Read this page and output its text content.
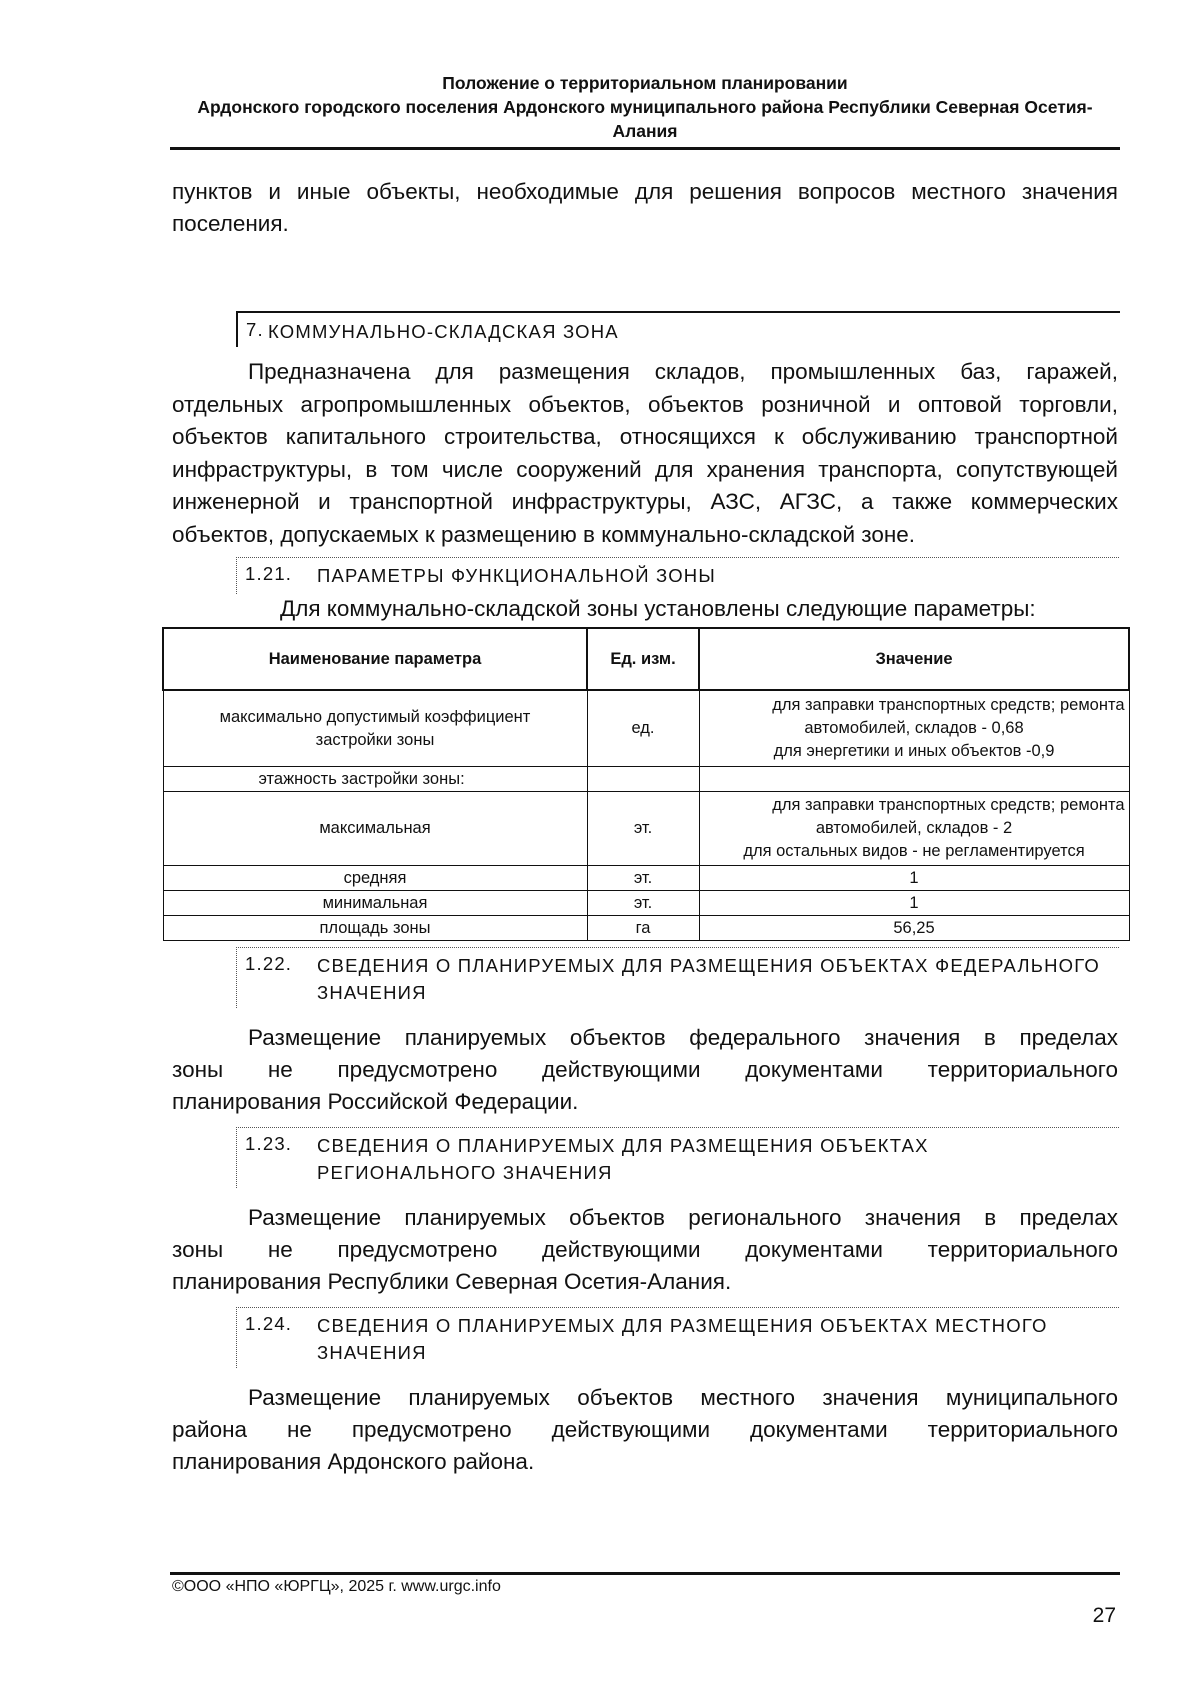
Положение о территориальном планировании
Ардонского городского поселения Ардонского муниципального района Республики Северная Осетия-
Алания
пунктов и иные объекты, необходимые для решения вопросов местного значения
поселения.
7. КОММУНАЛЬНО-СКЛАДСКАЯ ЗОНА
Предназначена для размещения складов, промышленных баз, гаражей, отдельных агропромышленных объектов, объектов розничной и оптовой торговли, объектов капитального строительства, относящихся к обслуживанию транспортной инфраструктуры, в том числе сооружений для хранения транспорта, сопутствующей инженерной и транспортной инфраструктуры, АЗС, АГЗС, а также коммерческих объектов, допускаемых к размещению в коммунально-складской зоне.
1.21. ПАРАМЕТРЫ ФУНКЦИОНАЛЬНОЙ ЗОНЫ
Для коммунально-складской зоны установлены следующие параметры:
Наименование параметра	Ед. изм.	Значение
максимально допустимый коэффициент застройки зоны	ед.	для заправки транспортных средств; ремонта
автомобилей, складов - 0,68
для энергетики и иных объектов -0,9

этажность застройки зоны:		
максимальная	эт.	для заправки транспортных средств; ремонта
автомобилей, складов - 2
для остальных видов - не регламентируется

средняя	эт.	1
минимальная	эт.	1
площадь зоны	га	56,25
1.22. СВЕДЕНИЯ О ПЛАНИРУЕМЫХ ДЛЯ РАЗМЕЩЕНИЯ ОБЪЕКТАХ ФЕДЕРАЛЬНОГО ЗНАЧЕНИЯ
Размещение планируемых объектов федерального значения в пределах
зоны не предусмотрено действующими документами территориального
планирования Российской Федерации.
1.23. СВЕДЕНИЯ О ПЛАНИРУЕМЫХ ДЛЯ РАЗМЕЩЕНИЯ ОБЪЕКТАХ РЕГИОНАЛЬНОГО ЗНАЧЕНИЯ
Размещение планируемых объектов регионального значения в пределах
зоны не предусмотрено действующими документами территориального
планирования Республики Северная Осетия-Алания.
1.24. СВЕДЕНИЯ О ПЛАНИРУЕМЫХ ДЛЯ РАЗМЕЩЕНИЯ ОБЪЕКТАХ МЕСТНОГО ЗНАЧЕНИЯ
Размещение планируемых объектов местного значения муниципального
района не предусмотрено действующими документами территориального
планирования Ардонского района.
©ООО «НПО «ЮРГЦ», 2025 г. www.urgc.info
27
